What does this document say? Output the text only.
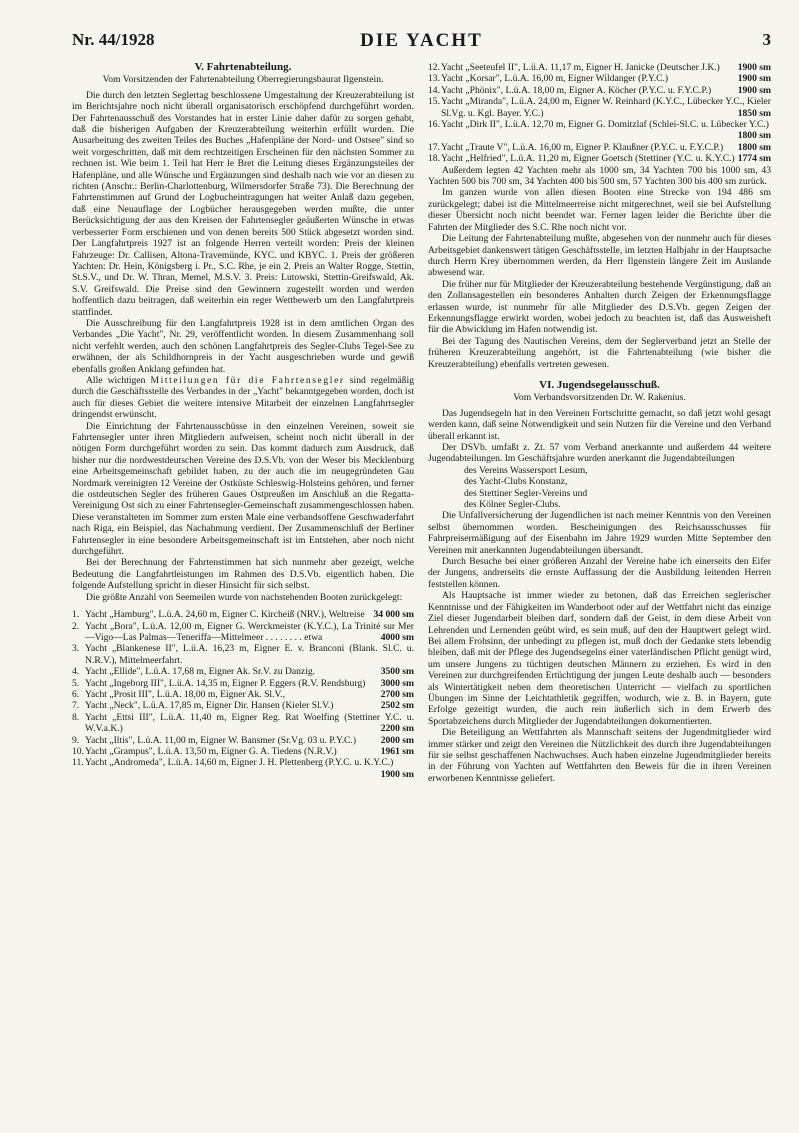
Nr. 44/1928	DIE YACHT	3
V. Fahrtenabteilung.
Vom Vorsitzenden der Fahrtenabteilung Oberregierungsbaurat Ilgenstein.

Die durch den letzten Seglertag beschlossene Umgestaltung der Kreuzerabteilung ist im Berichtsjahre noch nicht überall organisatorisch erschöpfend durchgeführt worden. Der Fahrtenausschuß des Vorstandes hat in erster Linie daher dafür zu sorgen gehabt, daß die bisherigen Aufgaben der Kreuzerabteilung weiterhin erfüllt wurden. Die Ausarbeitung des zweiten Teiles des Buches „Hafenpläne der Nord- und Ostsee" sind so weit vorgeschritten, daß mit dem rechtzeitigen Erscheinen für den nächsten Sommer zu rechnen ist. Wie beim 1. Teil hat Herr le Bret die Leitung dieses Ergänzungsteiles der Hafenpläne, und alle Wünsche und Ergänzungen sind deshalb nach wie vor an diesen zu richten (Anschr.: Berlin-Charlottenburg, Wilmersdorfer Straße 73). Die Berechnung der Fahrtenstimmen auf Grund der Logbucheintragungen hat weiter Anlaß dazu gegeben, daß eine Neuauflage der Logbücher herausgegeben werden mußte, die unter Berücksichtigung der aus den Kreisen der Fahrtensegler geäußerten Wünsche in etwas verbesserter Form erschienen und von denen bereits 500 Stück abgesetzt worden sind. Der Langfahrtpreis 1927 ist an folgende Herren verteilt worden: Preis der kleinen Fahrzeuge: Dr. Callisen, Altona-Travemünde, KYC. und KBYC. 1. Preis der größeren Yachten: Dr. Hein, Königsberg i. Pr., S.C. Rhe, je ein 2. Preis an Walter Rogge, Stettin, St.S.V., und Dr. W. Thran, Memel, M.S.V. 3. Preis: Lutowski, Stettin-Greifswald, Ak. S.V. Greifswald. Die Preise sind den Gewinnern zugestellt worden und werden hoffentlich dazu beitragen, daß weiterhin ein reger Wettbewerb um den Langfahrtpreis stattfindet.

Die Ausschreibung für den Langfahrtpreis 1928 ist in dem amtlichen Organ des Verbandes „Die Yacht", Nr. 29, veröffentlicht worden. In diesem Zusammenhang soll nicht verfehlt werden, auch den schönen Langfahrtpreis des Segler-Clubs Tegel-See zu erwähnen, der als Schildhornpreis in der Yacht ausgeschrieben wurde und gewiß ebenfalls großen Anklang gefunden hat.

Alle wichtigen Mitteilungen für die Fahrtensegler sind regelmäßig durch die Geschäftsstelle des Verbandes in der „Yacht" bekanntgegeben worden, doch ist auch für dieses Gebiet die weitere intensive Mitarbeit der einzelnen Langfahrtsegler dringendst erwünscht.

Die Einrichtung der Fahrtenausschüsse in den einzelnen Vereinen, soweit sie Fahrtensegler unter ihren Mitgliedern aufweisen, scheint noch nicht überall in der nötigen Form durchgeführt worden zu sein. Das kommt dadurch zum Ausdruck, daß bisher nur die nordwestdeutschen Vereine des D.S.Vb. von der Weser bis Mecklenburg eine Arbeitsgemeinschaft gebildet haben, zu der auch die im neugegründeten Gau Nordmark vereinigten 12 Vereine der Ostküste Schleswig-Holsteins gehören, und ferner die ostdeutschen Segler des früheren Gaues Ostpreußen im Anschluß an die Regatta-Vereinigung Ost sich zu einer Fahrtensegler-Gemeinschaft zusammengeschlossen haben. Diese veranstalteten im Sommer zum ersten Male eine verbandsoffene Geschwaderfahrt nach Riga, ein Beispiel, das Nachahmung verdient. Der Zusammenschluß der Berliner Fahrtensegler in eine besondere Arbeitsgemeinschaft ist im Entstehen, aber noch nicht durchgeführt.

Bei der Berechnung der Fahrtenstimmen hat sich nunmehr aber gezeigt, welche Bedeutung die Langfahrtleistungen im Rahmen des D.S.Vb. eigentlich haben. Die folgende Aufstellung spricht in dieser Hinsicht für sich selbst.

Die größte Anzahl von Seemeilen wurde von nachstehenden Booten zurückgelegt:

1. Yacht „Hamburg", L.ü.A. 24,60 m, Eigner C. Kircheiß (NRV.), Weltreise 34 000 sm
2. Yacht „Bora", L.ü.A. 12,00 m, Eigner G. Werckmeister (K.Y.C.), La Trinité sur Mer—Vigo—Las Palmas—Teneriffa—Mittelmeer . . . . . . . . etwa	4000 sm
3. Yacht „Blankenese II", L.ü.A. 16,23 m, Eigner E. v. Branconi (Blank. Sl.C. u. N.R.V.), Mittelmeerfahrt.
4. Yacht „Ellide", L.ü.A. 17,68 m, Eigner Ak. Sr.V. zu Danzig.	3500 sm
5. Yacht „Ingeborg III", L.ü.A. 14,35 m, Eigner P. Eggers (R.V. Rendsburg) 3000 sm
6. Yacht „Prosit III", L.ü.A. 18,00 m, Eigner Ak. Sl.V.,	2700 sm
7. Yacht „Neck", L.ü.A. 17,85 m, Eigner Dir. Hansen (Kieler Sl.V.)	2502 sm
8. Yacht „Ettsi III", L.ü.A. 11,40 m, Eigner Reg. Rat Woelfing (Stettiner Y.C. u. W.V.a.K.)	2200 sm
9. Yacht „Iltis", L.ü.A. 11,00 m, Eigner W. Bansmer (Sr.Vg. 03 u. P.Y.C.)	2000 sm
10. Yacht „Grampus", L.ü.A. 13,50 m, Eigner G. A. Tiedens (N.R.V.)	1961 sm
11. Yacht „Andromeda", L.ü.A. 14,60 m, Eigner J. H. Plettenberg (P.Y.C. u. K.Y.C.)
1900 sm
12. Yacht „Seeteufel II", L.ü.A. 11,17 m, Eigner H. Janicke (Deutscher J.K.) 1900 sm
13. Yacht „Korsar", L.ü.A. 16,00 m, Eigner Wildanger (P.Y.C.)	1900 sm
14. Yacht „Phönix", L.ü.A. 18,00 m, Eigner A. Köcher (P.Y.C. u. F.Y.C.P.)	1900 sm
15. Yacht „Miranda", L.ü.A. 24,00 m, Eigner W. Reinhard (K.Y.C., Lübecker Y.C., Kieler Sl.Vg. u. Kgl. Bayer. Y.C.)	1850 sm
16. Yacht „Dirk II", L.ü.A. 12,70 m, Eigner G. Domitzlaf (Schlei-Sl.C. u. Lübecker Y.C.)
1800 sm
17. Yacht „Traute V", L.ü.A. 16,00 m, Eigner P. Klaußner (P.Y.C. u. F.Y.C.P.) 1800 sm
18. Yacht „Helfried", L.ü.A. 11,20 m, Eigner Goetsch (Stettiner (Y.C. u. K.Y.C.) 1774 sm

Außerdem legten 42 Yachten mehr als 1000 sm, 34 Yachten 700 bis 1000 sm, 43 Yachten 500 bis 700 sm, 34 Yachten 400 bis 500 sm, 57 Yachten 300 bis 400 sm zurück.

Im ganzen wurde von allen diesen Booten eine Strecke von 194 486 sm zurückgelegt; dabei ist die Mittelmeerreise nicht mitgerechnet, weil sie bei Aufstellung dieser Übersicht noch nicht beendet war. Ferner lagen leider die Berichte über die Fahrten der Mitglieder des S.C. Rhe noch nicht vor.

Die Leitung der Fahrtenabteilung mußte, abgesehen von der nunmehr auch für dieses Arbeitsgebiet dankenswert tätigen Geschäftsstelle, im letzten Halbjahr in der Hauptsache durch Herrn Krey übernommen werden, da Herr Ilgenstein längere Zeit im Auslande abwesend war.

Die früher nur für Mitglieder der Kreuzerabteilung bestehende Vergünstigung, daß an den Zollansagestellen ein besonderes Anhalten durch Zeigen der Erkennungsflagge erlassen wurde, ist nunmehr für alle Mitglieder des D.S.Vb. gegen Zeigen der Erkennungsflagge erwirkt worden, wobei jedoch zu beachten ist, daß das Ausweisheft für die Abwicklung im Hafen notwendig ist.

Bei der Tagung des Nautischen Vereins, dem der Seglerverband jetzt an Stelle der früheren Kreuzerabteilung angehört, ist die Fahrtenabteilung (wie bisher die Kreuzerabteilung) ebenfalls vertreten gewesen.

VI. Jugendsegelausschuß.
Vom Verbandsvorsitzenden Dr. W. Rakenius.

Das Jugendsegeln hat in den Vereinen Fortschritte gemacht, so daß jetzt wohl gesagt werden kann, daß seine Notwendigkeit und sein Nutzen für die Vereine und den Verband überall erkannt ist.

Der DSVb. umfaßt z. Zt. 57 vom Verband anerkannte und außerdem 44 weitere Jugendabteilungen. Im Geschäftsjahre wurden anerkannt die Jugendabteilungen

des Vereins Wassersport Lesum,
des Yacht-Clubs Konstanz,
des Stettiner Segler-Vereins und
des Kölner Segler-Clubs.

Die Unfallversicherung der Jugendlichen ist nach meiner Kenntnis von den Vereinen selbst übernommen worden. Bescheinigungen des Reichsausschusses für Fahrpreisermäßigung auf der Eisenbahn im Jahre 1929 wurden Mitte September den Vereinen mit anerkannten Jugendabteilungen übersandt.

Durch Besuche bei einer größeren Anzahl der Vereine habe ich einerseits den Eifer der Jungens, andrerseits die ernste Auffassung der die Ausbildung leitenden Herren feststellen können.

Als Hauptsache ist immer wieder zu betonen, daß das Erreichen seglerischer Kenntnisse und der Fähigkeiten im Wanderboot oder auf der Wettfahrt nicht das einzige Ziel dieser Jugendarbeit bleiben darf, sondern daß der Geist, in dem diese Arbeit von Lehrenden und Lernenden geübt wird, es sein muß, auf den der Hauptwert gelegt wird. Bei allem Frohsinn, der unbedingt zu pflegen ist, muß doch der Gedanke stets lebendig bleiben, daß mit der Pflege des Jugendsegelns einer vaterländischen Pflicht genügt wird, um unsere Jungens zu tüchtigen deutschen Männern zu erziehen. Es wird in den Vereinen zur durchgreifenden Ertüchtigung der jungen Leute deshalb auch — besonders als Wintertätigkeit neben dem theoretischen Unterricht — vielfach zu sportlichen Übungen im Sinne der Leichtathletik gegriffen, wodurch, wie z. B. in Bayern, gute Erfolge gezeitigt wurden, die auch rein äußerlich sich in dem Erwerb des Sportabzeichens durch Mitglieder der Jugendabteilungen dokumentierten.

Die Beteiligung an Wettfahrten als Mannschaft seitens der Jugendmitglieder wird immer stärker und zeigt den Vereinen die Nützlichkeit des durch ihre Jugendabteilungen für sie selbst geschaffenen Nachwuchses. Auch haben einzelne Jugendmitglieder bereits in der Führung von Yachten auf Wettfahrten den Beweis für die in ihren Vereinen erworbenen Kenntnisse geliefert.
